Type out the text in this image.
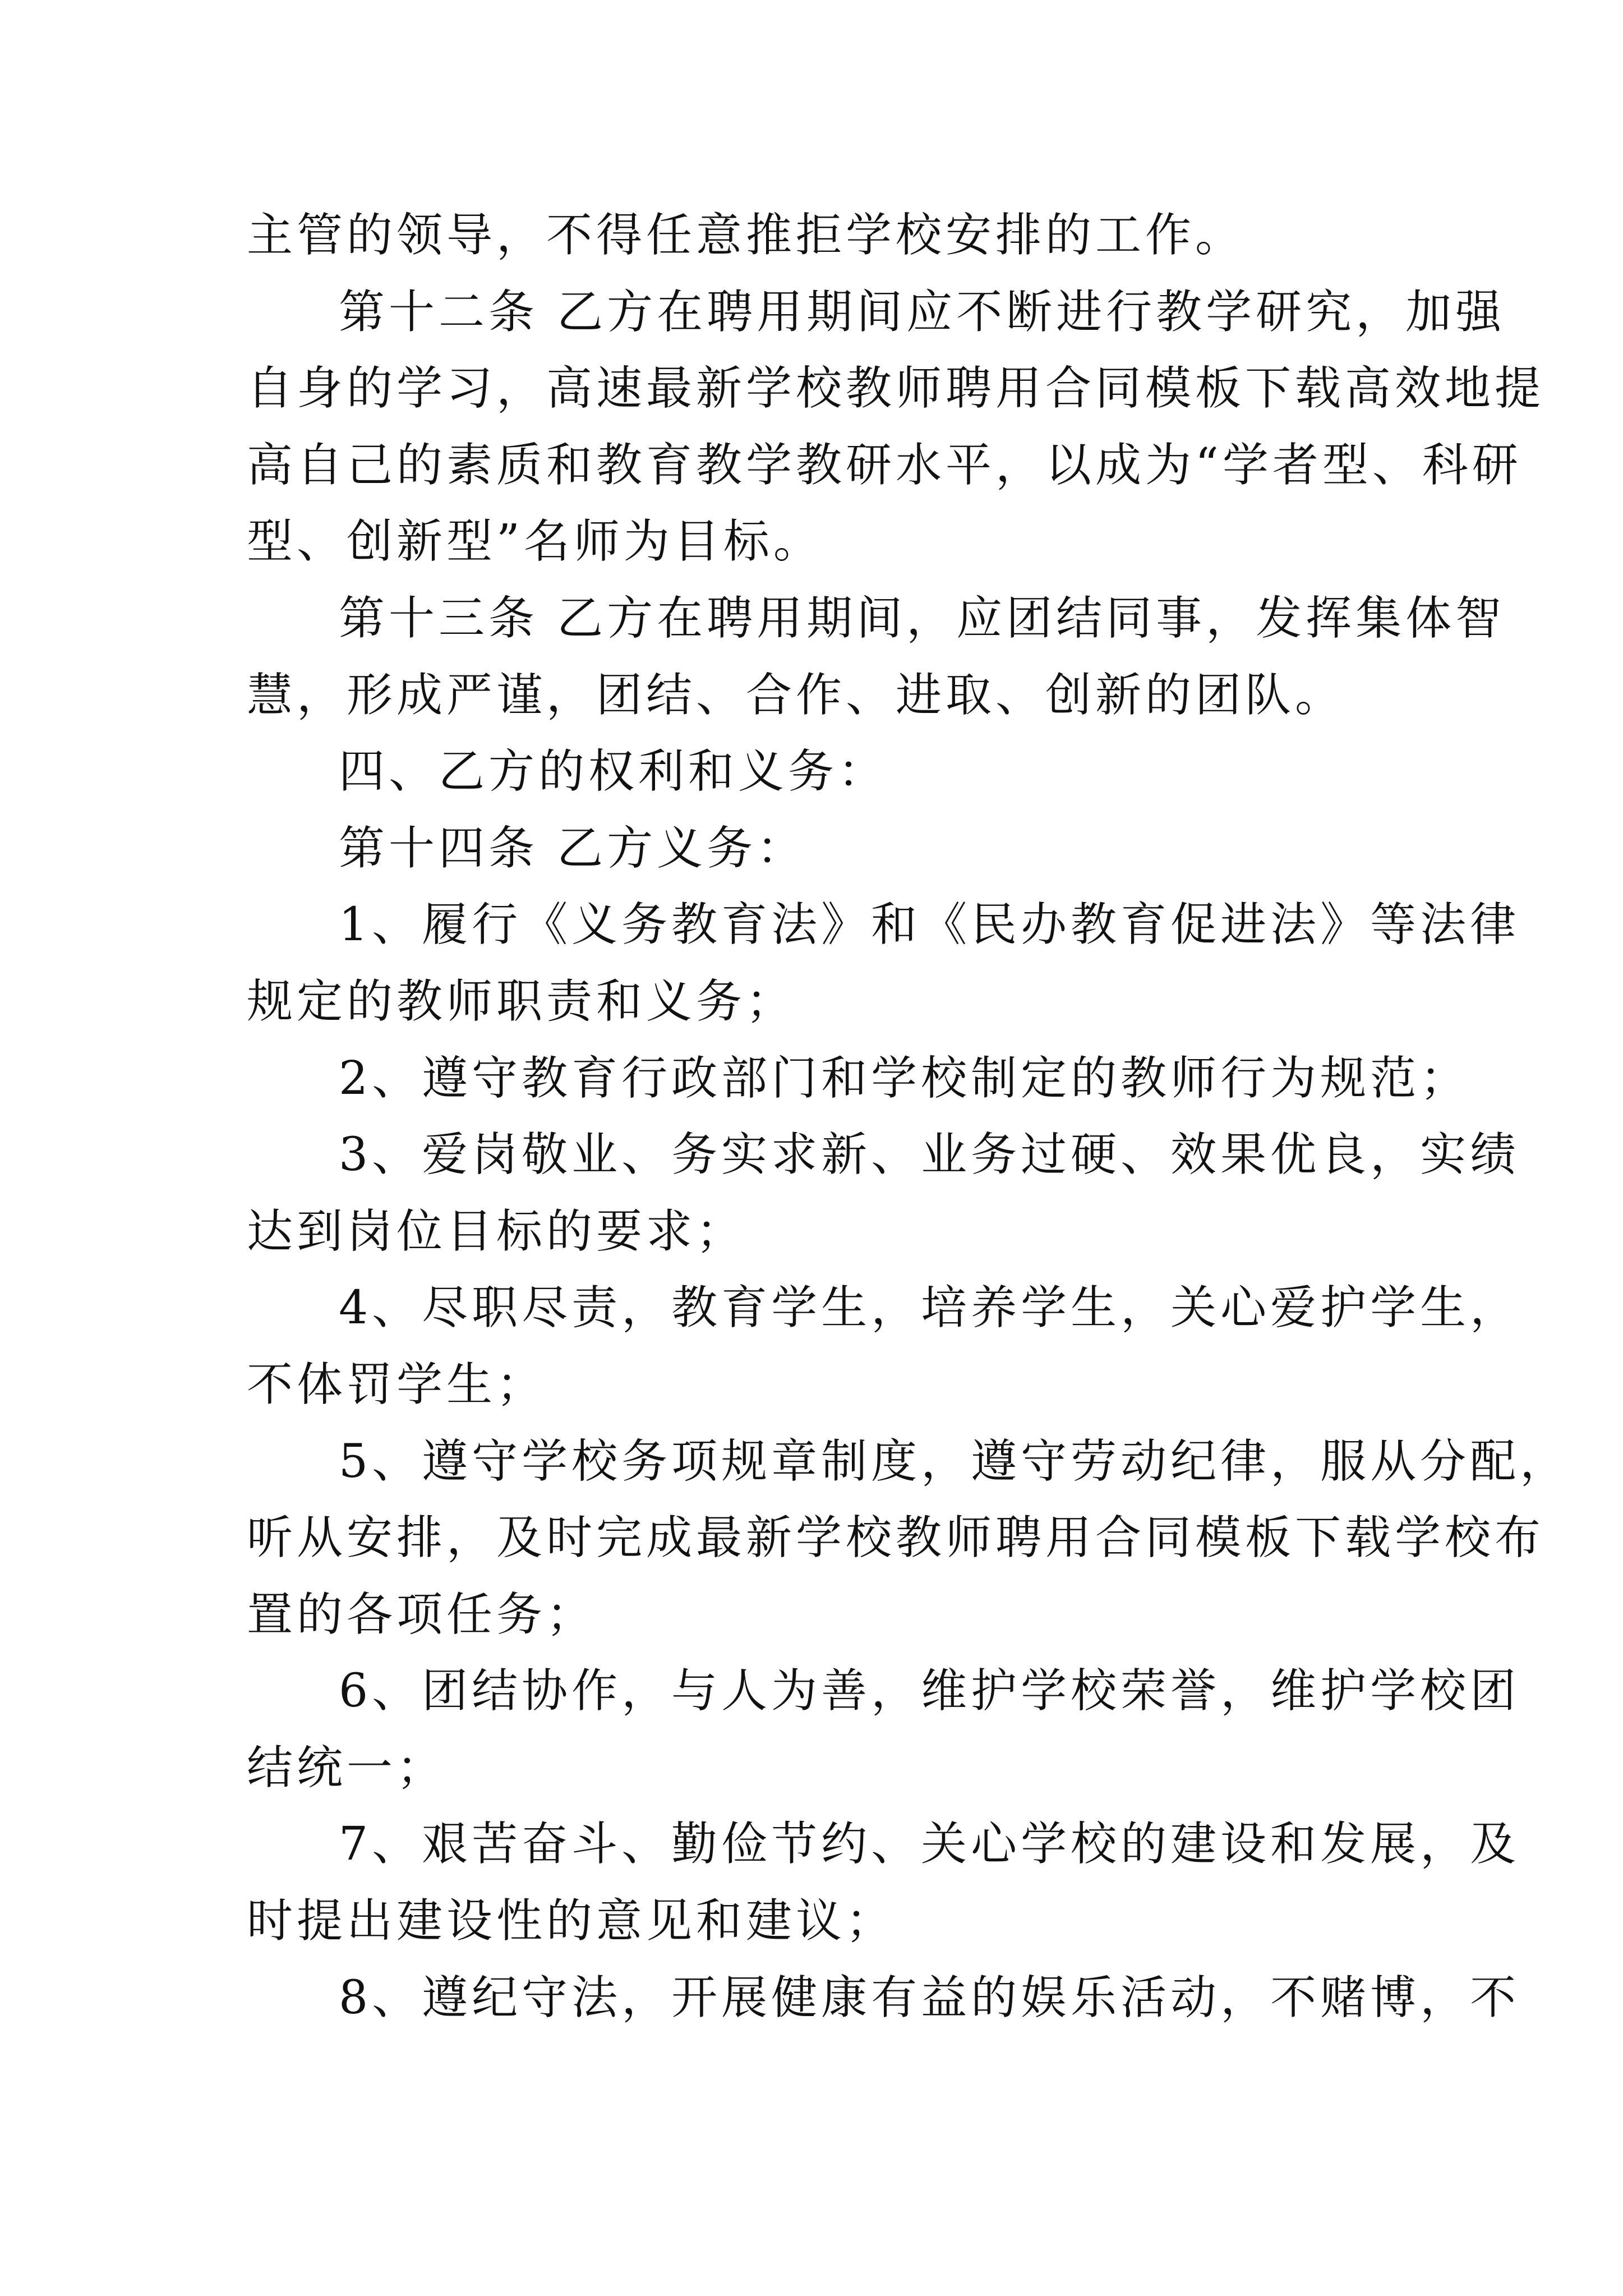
主管的领导，不得任意推拒学校安排的工作。
第十二条 乙方在聘用期间应不断进行教学研究，加强
自身的学习，高速最新学校教师聘用合同模板下载高效地提
高自己的素质和教育教学教研水平，以成为“学者型、科研
型、创新型”名师为目标。
第十三条 乙方在聘用期间，应团结同事，发挥集体智
慧，形成严谨，团结、合作、进取、创新的团队。
四、乙方的权利和义务：
第十四条 乙方义务：
1、履行《义务教育法》和《民办教育促进法》等法律
规定的教师职责和义务；
2、遵守教育行政部门和学校制定的教师行为规范；
3、爱岗敬业、务实求新、业务过硬、效果优良，实绩
达到岗位目标的要求；
4、尽职尽责，教育学生，培养学生，关心爱护学生，
不体罚学生；
5、遵守学校务项规章制度，遵守劳动纪律，服从分配，
听从安排，及时完成最新学校教师聘用合同模板下载学校布
置的各项任务；
6、团结协作，与人为善，维护学校荣誉，维护学校团
结统一；
7、艰苦奋斗、勤俭节约、关心学校的建设和发展，及
时提出建设性的意见和建议；
8、遵纪守法，开展健康有益的娱乐活动，不赌博，不
